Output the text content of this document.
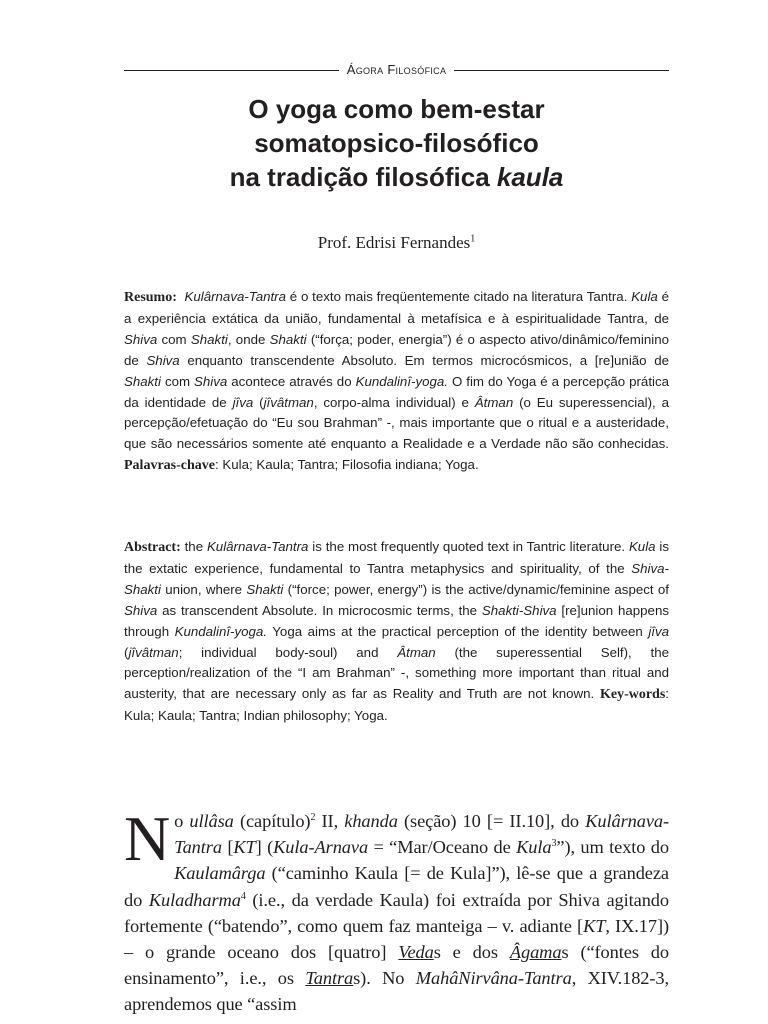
Ágora Filosófica
O yoga como bem-estar
somatopsico-filosófico
na tradição filosófica kaula
Prof. Edrisi Fernandes$^1$

Resumo: Kulârnava-Tantra é o texto mais freqüentemente citado na literatura Tantra. Kula é a experiência extática da união, fundamental à metafísica e à espiritualidade Tantra, de Shiva com Shakti, onde Shakti (“força; poder, energia”) é o aspecto ativo/dinâmico/feminino de Shiva enquanto transcendente Absoluto. Em termos microcósmicos, a [re]união de Shakti com Shiva acontece através do Kundalinî-yoga. O fim do Yoga é a percepção prática da identidade de jîva (jîvâtman, corpo-alma individual) e Âtman (o Eu superessencial), a percepção/efetuação do “Eu sou Brahman” -, mais importante que o ritual e a austeridade, que são necessários somente até enquanto a Realidade e a Verdade não são conhecidas. Palavras-chave: Kula; Kaula; Tantra; Filosofia indiana; Yoga.

Abstract: the Kulârnava-Tantra is the most frequently quoted text in Tantric literature. Kula is the extatic experience, fundamental to Tantra metaphysics and spirituality, of the Shiva-Shakti union, where Shakti (“force; power, energy”) is the active/dynamic/feminine aspect of Shiva as transcendent Absolute. In microcosmic terms, the Shakti-Shiva [re]union happens through Kundalinî-yoga. Yoga aims at the practical perception of the identity between jîva (jîvâtman; individual body-soul) and Âtman (the superessential Self), the perception/realization of the “I am Brahman” -, something more important than ritual and austerity, that are necessary only as far as Reality and Truth are not known. Key-words: Kula; Kaula; Tantra; Indian philosophy; Yoga.

No ullâsa (capítulo)$^2$ II, khanda (seção) 10 [= II.10], do Kulârnava-Tantra [KT] (Kula-Arnava = “Mar/Oceano de Kula$^3$”), um texto do Kaulamârga (“caminho Kaula [= de Kula]”), lê-se que a grandeza do Kuladharma$^4$ (i.e., da verdade Kaula) foi extraída por Shiva agitando fortemente (“batendo”, como quem faz manteiga – v. adiante [KT, IX.17]) – o grande oceano dos [quatro] Vedas e dos Âgamas (“fontes do ensinamento”, i.e., os Tantras). No MahâNirvâna-Tantra, XIV.182-3, aprendemos que “assim
